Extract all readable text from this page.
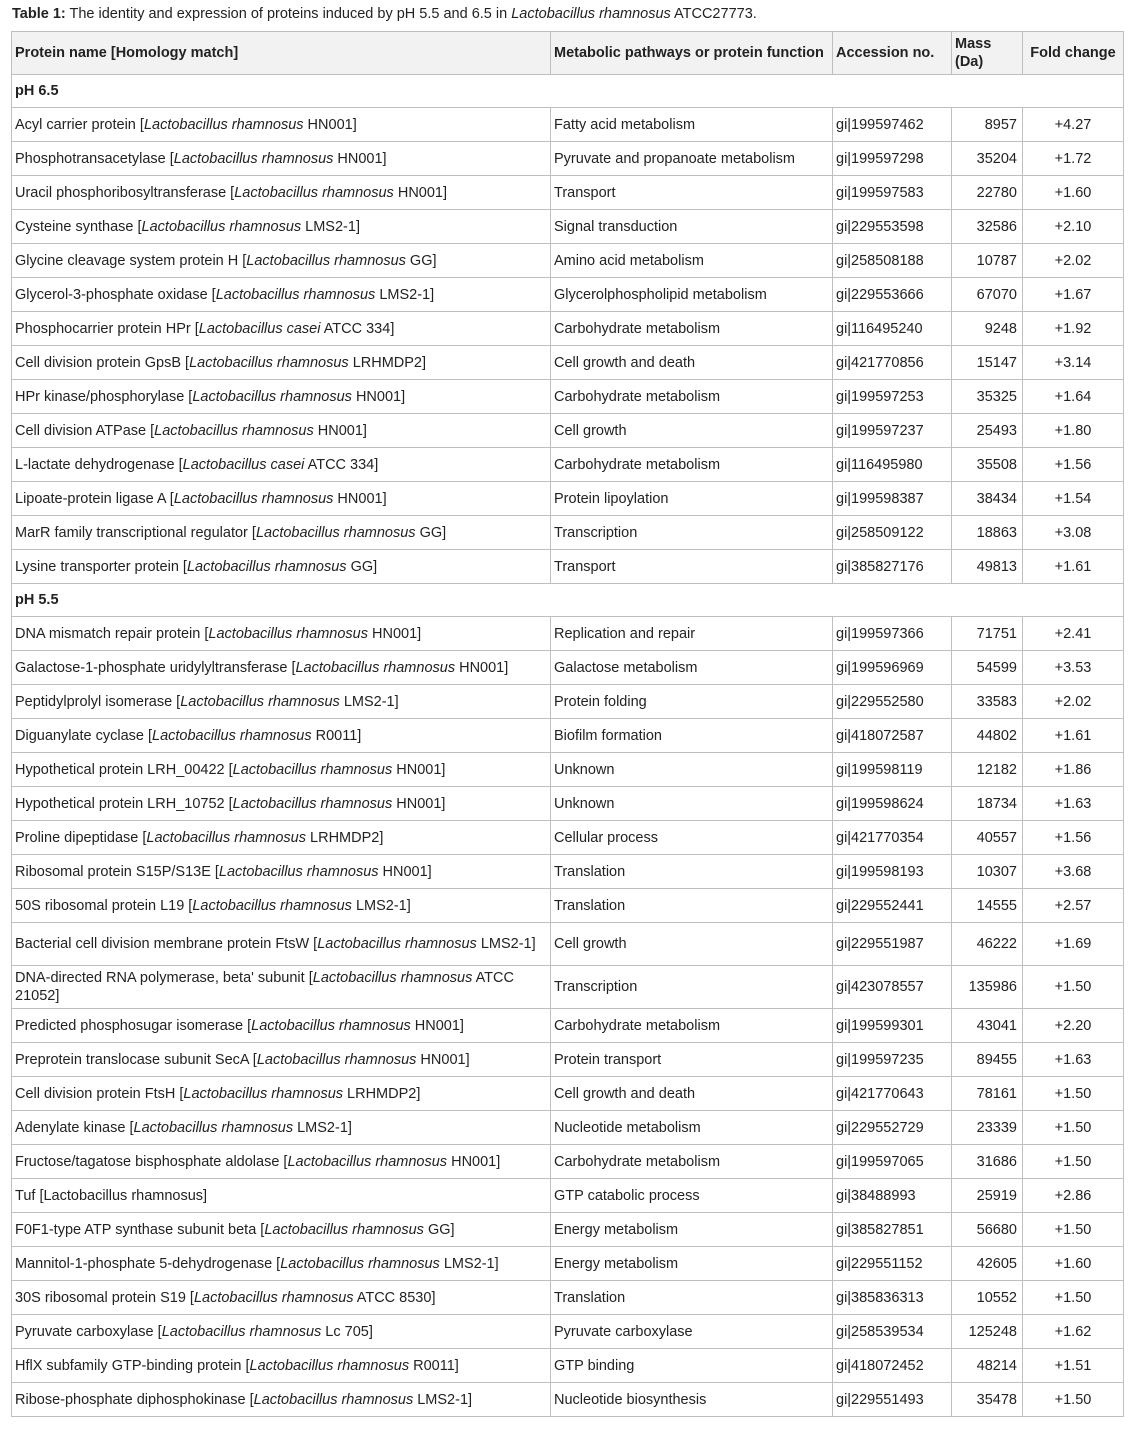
Table 1: The identity and expression of proteins induced by pH 5.5 and 6.5 in Lactobacillus rhamnosus ATCC27773.
Protein name [Homology match]	Metabolic pathways or protein function	Accession no.	Mass (Da)	Fold change
pH 6.5				
Acyl carrier protein [Lactobacillus rhamnosus HN001]	Fatty acid metabolism	gi|199597462	8957	+4.27
Phosphotransacetylase [Lactobacillus rhamnosus HN001]	Pyruvate and propanoate metabolism	gi|199597298	35204	+1.72
Uracil phosphoribosyltransferase [Lactobacillus rhamnosus HN001]	Transport	gi|199597583	22780	+1.60
Cysteine synthase [Lactobacillus rhamnosus LMS2-1]	Signal transduction	gi|229553598	32586	+2.10
Glycine cleavage system protein H [Lactobacillus rhamnosus GG]	Amino acid metabolism	gi|258508188	10787	+2.02
Glycerol-3-phosphate oxidase [Lactobacillus rhamnosus LMS2-1]	Glycerolphospholipid metabolism	gi|229553666	67070	+1.67
Phosphocarrier protein HPr [Lactobacillus casei ATCC 334]	Carbohydrate metabolism	gi|116495240	9248	+1.92
Cell division protein GpsB [Lactobacillus rhamnosus LRHMDP2]	Cell growth and death	gi|421770856	15147	+3.14
HPr kinase/phosphorylase [Lactobacillus rhamnosus HN001]	Carbohydrate metabolism	gi|199597253	35325	+1.64
Cell division ATPase [Lactobacillus rhamnosus HN001]	Cell growth	gi|199597237	25493	+1.80
L-lactate dehydrogenase [Lactobacillus casei ATCC 334]	Carbohydrate metabolism	gi|116495980	35508	+1.56
Lipoate-protein ligase A [Lactobacillus rhamnosus HN001]	Protein lipoylation	gi|199598387	38434	+1.54
MarR family transcriptional regulator [Lactobacillus rhamnosus GG]	Transcription	gi|258509122	18863	+3.08
Lysine transporter protein [Lactobacillus rhamnosus GG]	Transport	gi|385827176	49813	+1.61
pH 5.5				
DNA mismatch repair protein [Lactobacillus rhamnosus HN001]	Replication and repair	gi|199597366	71751	+2.41
Galactose-1-phosphate uridylyltransferase [Lactobacillus rhamnosus HN001]	Galactose metabolism	gi|199596969	54599	+3.53
Peptidylprolyl isomerase [Lactobacillus rhamnosus LMS2-1]	Protein folding	gi|229552580	33583	+2.02
Diguanylate cyclase [Lactobacillus rhamnosus R0011]	Biofilm formation	gi|418072587	44802	+1.61
Hypothetical protein LRH_00422 [Lactobacillus rhamnosus HN001]	Unknown	gi|199598119	12182	+1.86
Hypothetical protein LRH_10752 [Lactobacillus rhamnosus HN001]	Unknown	gi|199598624	18734	+1.63
Proline dipeptidase [Lactobacillus rhamnosus LRHMDP2]	Cellular process	gi|421770354	40557	+1.56
Ribosomal protein S15P/S13E [Lactobacillus rhamnosus HN001]	Translation	gi|199598193	10307	+3.68
50S ribosomal protein L19 [Lactobacillus rhamnosus LMS2-1]	Translation	gi|229552441	14555	+2.57
Bacterial cell division membrane protein FtsW [Lactobacillus rhamnosus LMS2-1]	Cell growth	gi|229551987	46222	+1.69
DNA-directed RNA polymerase, beta' subunit [Lactobacillus rhamnosus ATCC 21052]	Transcription	gi|423078557	135986	+1.50
Predicted phosphosugar isomerase [Lactobacillus rhamnosus HN001]	Carbohydrate metabolism	gi|199599301	43041	+2.20
Preprotein translocase subunit SecA [Lactobacillus rhamnosus HN001]	Protein transport	gi|199597235	89455	+1.63
Cell division protein FtsH [Lactobacillus rhamnosus LRHMDP2]	Cell growth and death	gi|421770643	78161	+1.50
Adenylate kinase [Lactobacillus rhamnosus LMS2-1]	Nucleotide metabolism	gi|229552729	23339	+1.50
Fructose/tagatose bisphosphate aldolase [Lactobacillus rhamnosus HN001]	Carbohydrate metabolism	gi|199597065	31686	+1.50
Tuf [Lactobacillus rhamnosus]	GTP catabolic process	gi|38488993	25919	+2.86
F0F1-type ATP synthase subunit beta [Lactobacillus rhamnosus GG]	Energy metabolism	gi|385827851	56680	+1.50
Mannitol-1-phosphate 5-dehydrogenase [Lactobacillus rhamnosus LMS2-1]	Energy metabolism	gi|229551152	42605	+1.60
30S ribosomal protein S19 [Lactobacillus rhamnosus ATCC 8530]	Translation	gi|385836313	10552	+1.50
Pyruvate carboxylase [Lactobacillus rhamnosus Lc 705]	Pyruvate carboxylase	gi|258539534	125248	+1.62
HflX subfamily GTP-binding protein [Lactobacillus rhamnosus R0011]	GTP binding	gi|418072452	48214	+1.51
Ribose-phosphate diphosphokinase [Lactobacillus rhamnosus LMS2-1]	Nucleotide biosynthesis	gi|229551493	35478	+1.50
